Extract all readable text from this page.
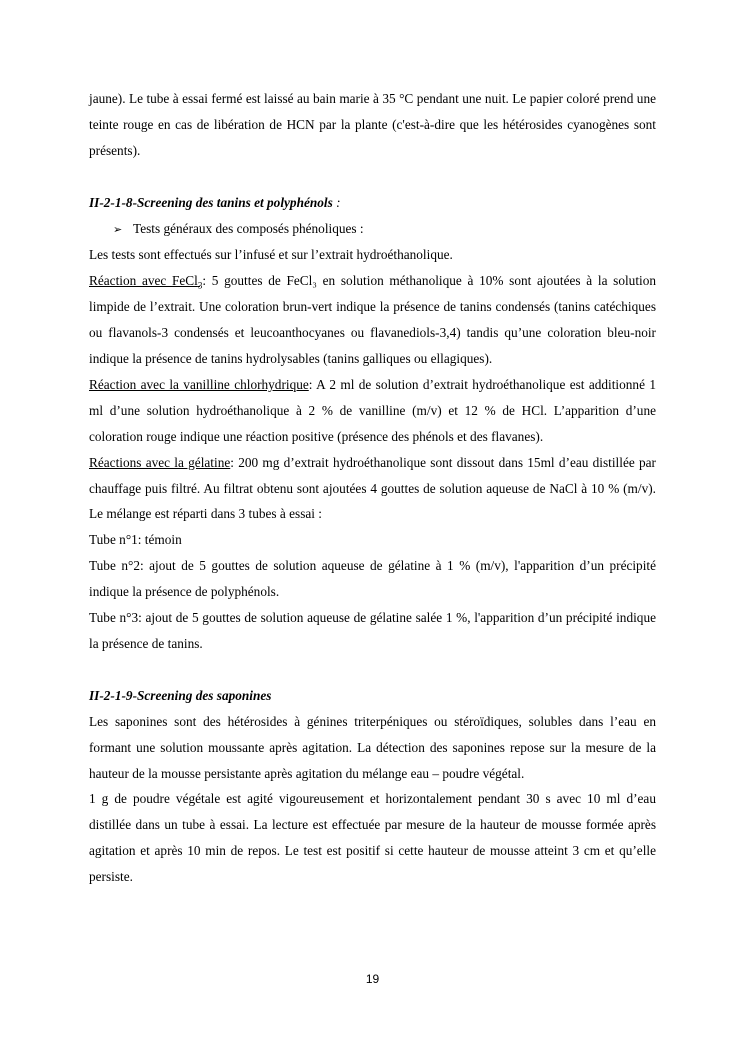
jaune). Le tube à essai fermé est laissé au bain marie à 35 °C pendant une nuit. Le papier coloré prend une teinte rouge en cas de libération de HCN par la plante (c'est-à-dire que les hétérosides cyanogènes sont présents).

II-2-1-8-Screening des tanins et polyphénols :

➢ Tests généraux des composés phénoliques :

Les tests sont effectués sur l’infusé et sur l’extrait hydroéthanolique.

Réaction avec FeCl$_3$: 5 gouttes de FeCl₃ en solution méthanolique à 10% sont ajoutées à la solution limpide de l’extrait. Une coloration brun-vert indique la présence de tanins condensés (tanins catéchiques ou flavanols-3 condensés et leucoanthocyanes ou flavanediols-3,4) tandis qu’une coloration bleu-noir indique la présence de tanins hydrolysables (tanins galliques ou ellagiques).

Réaction avec la vanilline chlorhydrique: A 2 ml de solution d’extrait hydroéthanolique est additionné 1 ml d’une solution hydroéthanolique à 2 % de vanilline (m/v) et 12 % de HCl. L’apparition d’une coloration rouge indique une réaction positive (présence des phénols et des flavanes).

Réactions avec la gélatine: 200 mg d’extrait hydroéthanolique sont dissout dans 15ml d’eau distillée par chauffage puis filtré. Au filtrat obtenu sont ajoutées 4 gouttes de solution aqueuse de NaCl à 10 % (m/v). Le mélange est réparti dans 3 tubes à essai :

Tube n°1: témoin

Tube n°2: ajout de 5 gouttes de solution aqueuse de gélatine à 1 % (m/v), l'apparition d’un précipité indique la présence de polyphénols.

Tube n°3: ajout de 5 gouttes de solution aqueuse de gélatine salée 1 %, l'apparition d’un précipité indique la présence de tanins.

II-2-1-9-Screening des saponines

Les saponines sont des hétérosides à génines triterpéniques ou stéroïdiques, solubles dans l’eau en formant une solution moussante après agitation. La détection des saponines repose sur la mesure de la hauteur de la mousse persistante après agitation du mélange eau – poudre végétal.

1 g de poudre végétale est agité vigoureusement et horizontalement pendant 30 s avec 10 ml d’eau distillée dans un tube à essai. La lecture est effectuée par mesure de la hauteur de mousse formée après agitation et après 10 min de repos. Le test est positif si cette hauteur de mousse atteint 3 cm et qu’elle persiste.

19
